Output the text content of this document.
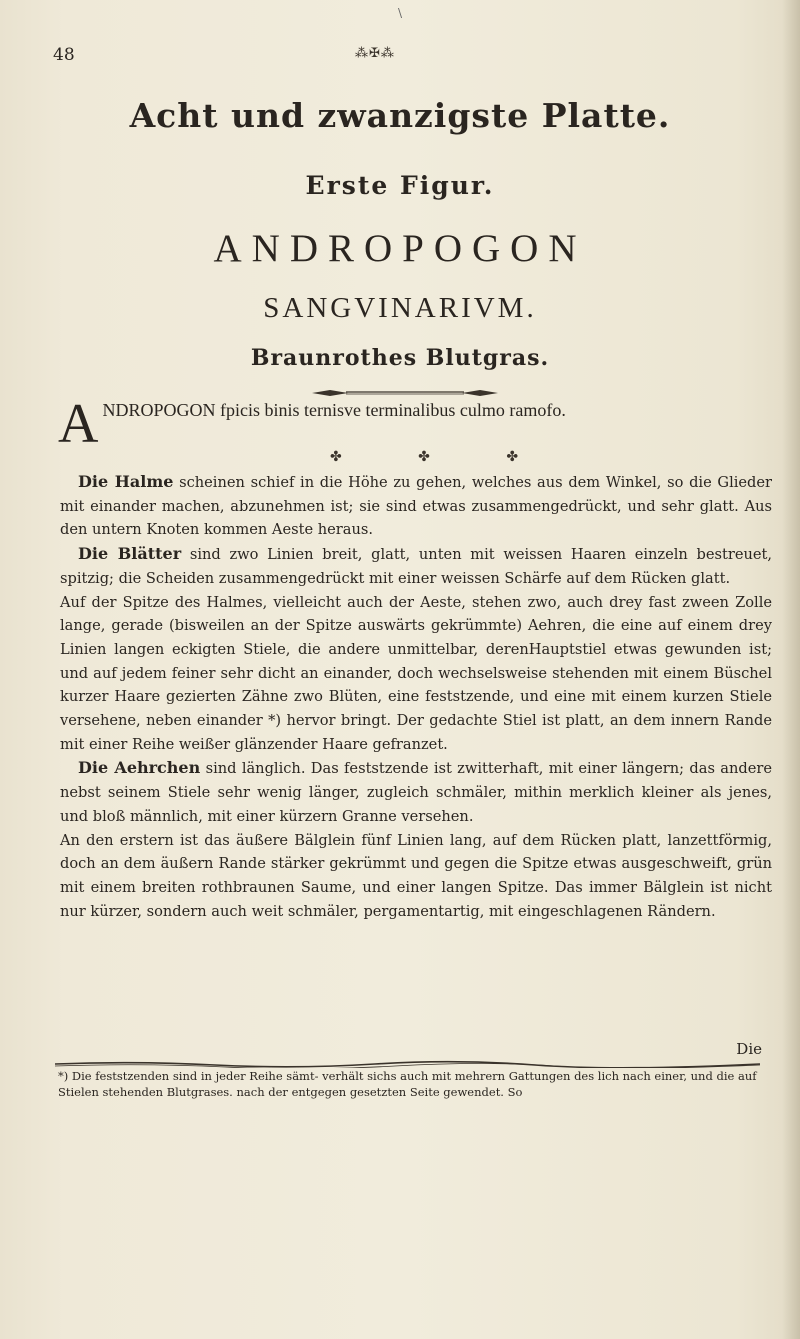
\
48	⁂✠⁂
Acht und zwanzigste Platte.
Erste Figur.
ANDROPOGON
SANGVINARIVM.
Braunrothes Blutgras.
A NDROPOGON fpicis binis ternisve terminalibus culmo ramofo.
✤ ✤ ✤

Die Halme scheinen schief in die Höhe zu gehen, welches aus dem Winkel, so die Glieder mit einander machen, abzunehmen ist; sie sind etwas zusammengedrückt, und sehr glatt. Aus den untern Knoten kommen Aeste heraus.

Die Blätter sind zwo Linien breit, glatt, unten mit weissen Haaren einzeln bestreuet, spitzig; die Scheiden zusammengedrückt mit einer weissen Schärfe auf dem Rücken glatt.

Auf der Spitze des Halmes, vielleicht auch der Aeste, stehen zwo, auch drey fast zween Zolle lange, gerade (bisweilen an der Spitze auswärts gekrümmte) Aehren, die eine auf einem drey Linien langen eckigten Stiele, die andere unmittelbar, derenHauptstiel etwas gewunden ist; und auf jedem feiner sehr dicht an einander, doch wechselsweise stehenden mit einem Büschel kurzer Haare gezierten Zähne zwo Blüten, eine feststzende, und eine mit einem kurzen Stiele versehene, neben einander *) hervor bringt. Der gedachte Stiel ist platt, an dem innern Rande mit einer Reihe weißer glänzender Haare gefranzet.

Die Aehrchen sind länglich. Das feststzende ist zwitterhaft, mit einer längern; das andere nebst seinem Stiele sehr wenig länger, zugleich schmäler, mithin merklich kleiner als jenes, und bloß männlich, mit einer kürzern Granne versehen.

An den erstern ist das äußere Bälglein fünf Linien lang, auf dem Rücken platt, lanzettförmig, doch an dem äußern Rande stärker gekrümmt und gegen die Spitze etwas ausgeschweift, grün mit einem breiten rothbraunen Saume, und einer langen Spitze. Das immer Bälglein ist nicht nur kürzer, sondern auch weit schmäler, pergamentartig, mit eingeschlagenen Rändern.

Die
*) Die feststzenden sind in jeder Reihe sämt- verhält sichs auch mit mehrern Gattungen des lich nach einer, und die auf Stielen stehenden Blutgrases. nach der entgegen gesetzten Seite gewendet. So
